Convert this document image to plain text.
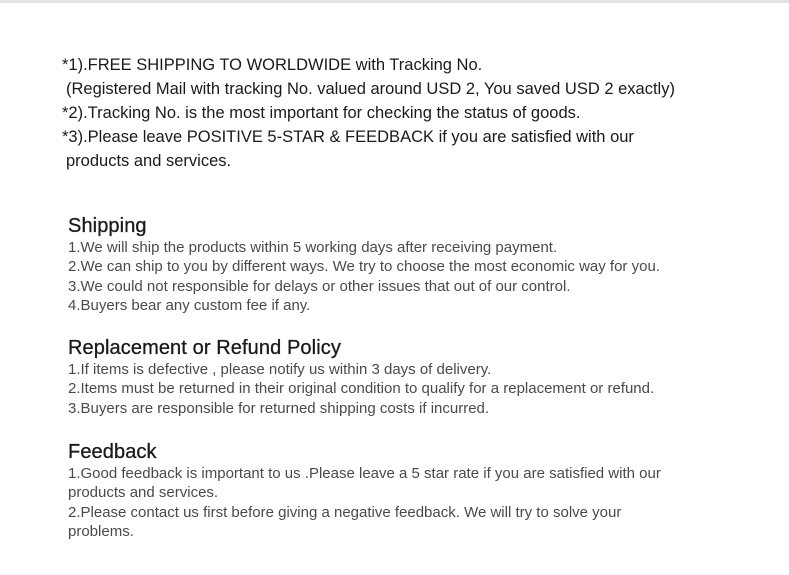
*1).FREE SHIPPING TO WORLDWIDE with Tracking No.
(Registered Mail with tracking No. valued around USD 2, You saved USD 2 exactly)
*2).Tracking No. is the most important for checking the status of goods.
*3).Please leave POSITIVE 5-STAR & FEEDBACK if you are satisfied with our
products and services.
Shipping
1.We will ship the products within 5 working days after receiving payment.
2.We can ship to you by different ways. We try to choose the most economic way for you.
3.We could not responsible for delays or other issues that out of our control.
4.Buyers bear any custom fee if any.
Replacement or Refund Policy
1.If items is defective , please notify us within 3 days of delivery.
2.Items must be returned in their original condition to qualify for a replacement or refund.
3.Buyers are responsible for returned shipping costs if incurred.
Feedback
1.Good feedback is important to us .Please leave a 5 star rate if you are satisfied with our
products and services.
2.Please contact us first before giving a negative feedback. We will try to solve your
problems.
